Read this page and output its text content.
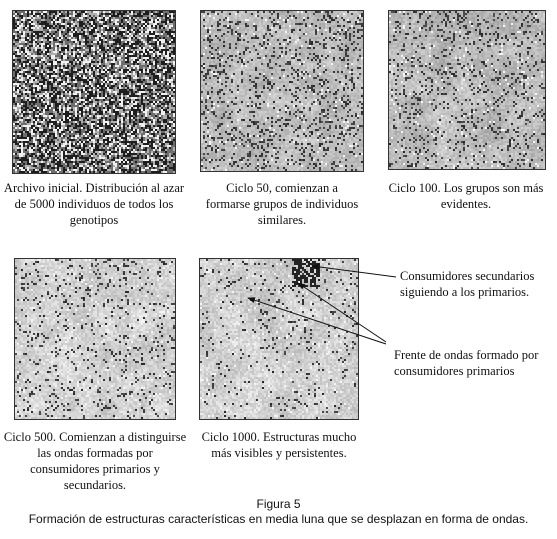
Archivo inicial. Distribución al azar
de 5000 individuos de todos los
genotipos
Ciclo 50, comienzan a
formarse grupos de individuos
similares.
Ciclo 100. Los grupos son más
evidentes.
Ciclo 500. Comienzan a distinguirse
las ondas formadas por
consumidores primarios y
secundarios.
Ciclo 1000. Estructuras mucho
más visibles y persistentes.
Consumidores secundarios
siguiendo a los primarios.
Frente de ondas formado por
consumidores primarios
Figura 5
Formación de estructuras características en media luna que se desplazan en forma de ondas.
